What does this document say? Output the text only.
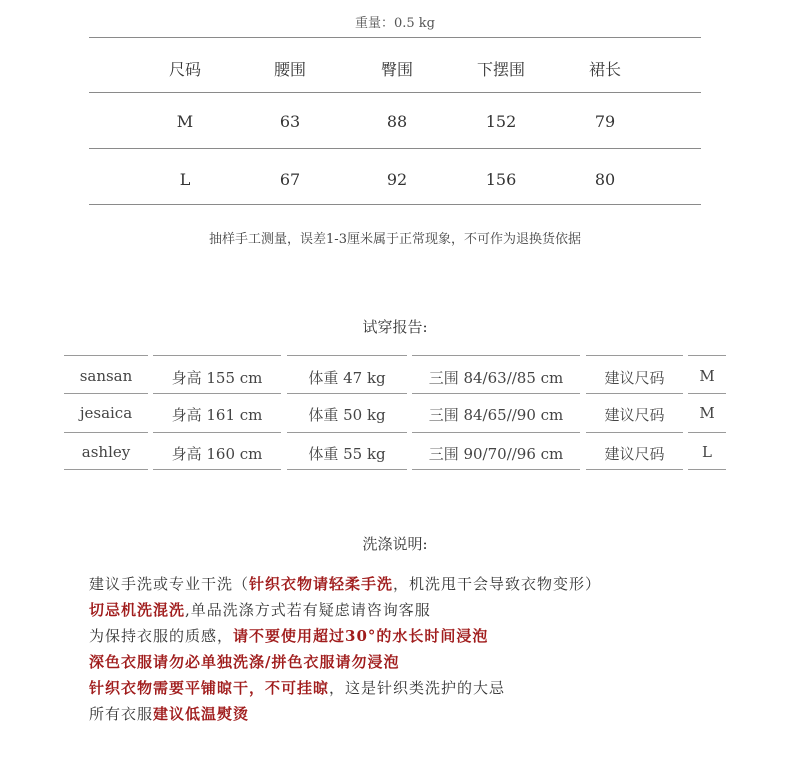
重量：0.5 kg
尺码	腰围	臀围	下摆围	裙长
M	63	88	152	79
L	67	92	156	80
抽样手工测量，误差1-3厘米属于正常现象，不可作为退换货依据
试穿报告:
sansan	身高 155 cm	体重 47 kg	三围 84/63//85 cm	建议尺码	M
jesaica	身高 161 cm	体重 50 kg	三围 84/65//90 cm	建议尺码	M
ashley	身高 160 cm	体重 55 kg	三围 90/70//96 cm	建议尺码	L
洗涤说明:
建议手洗或专业干洗（针织衣物请轻柔手洗，机洗甩干会导致衣物变形）
切忌机洗混洗,单品洗涤方式若有疑虑请咨询客服
为保持衣服的质感，请不要使用超过30°的水长时间浸泡
深色衣服请勿必单独洗涤/拼色衣服请勿浸泡
针织衣物需要平铺晾干，不可挂晾，这是针织类洗护的大忌
所有衣服建议低温熨烫
